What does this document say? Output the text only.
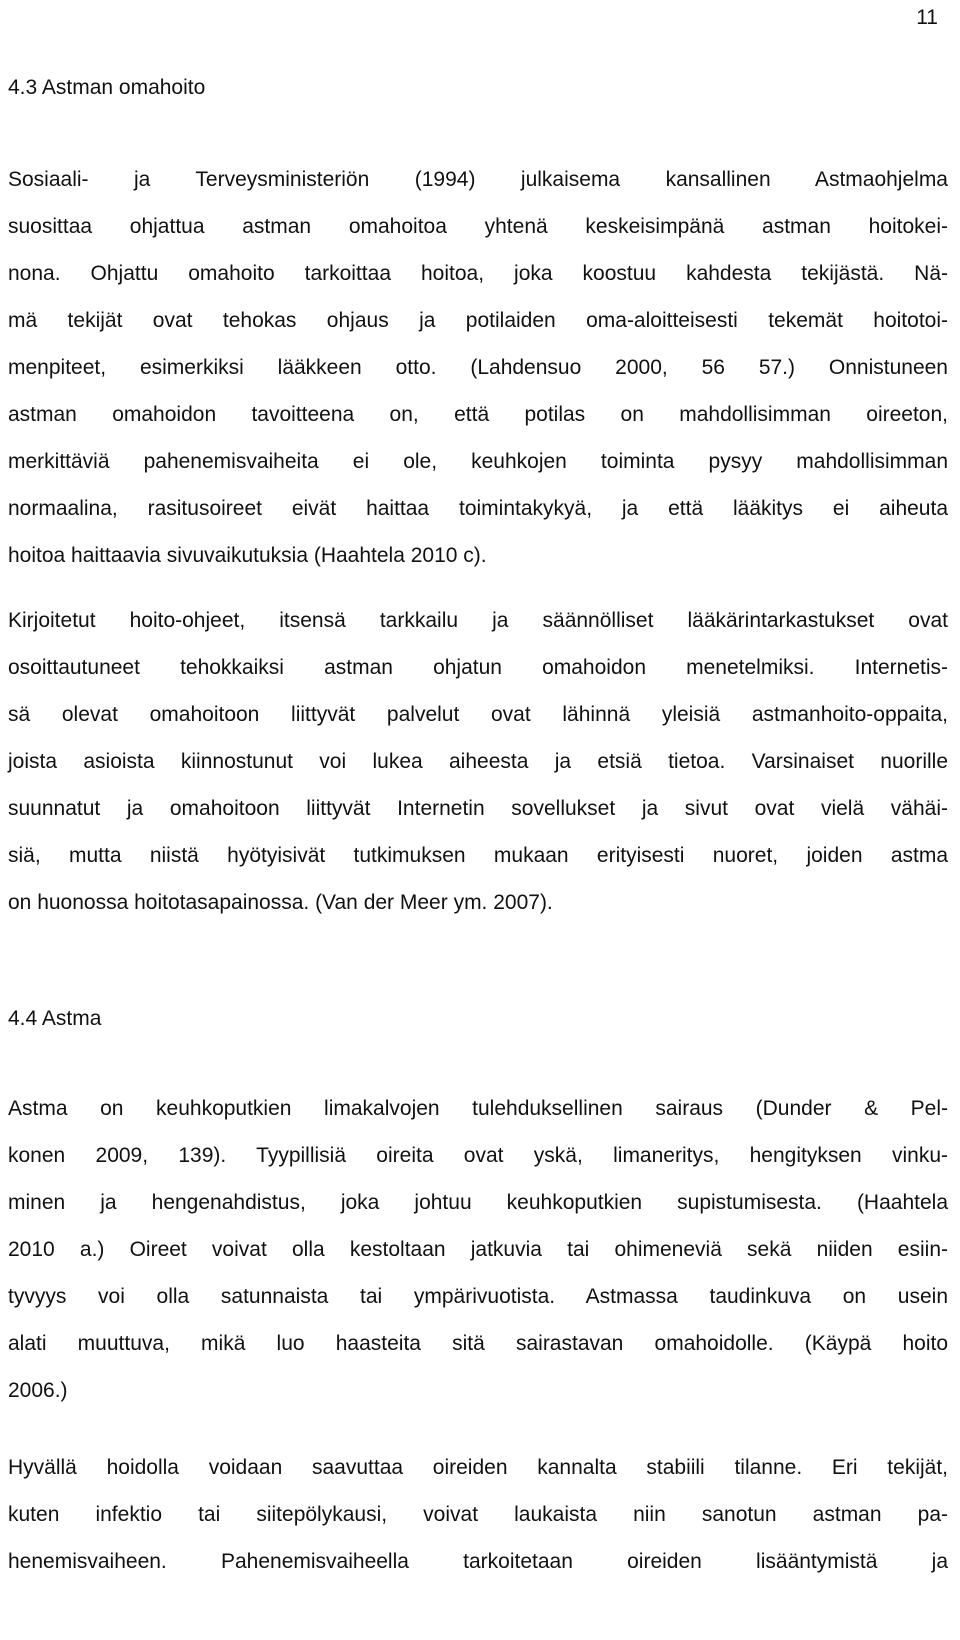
11
4.3 Astman omahoito
Sosiaali- ja Terveysministeriön (1994) julkaisema kansallinen Astmaohjelma
suosittaa ohjattua astman omahoitoa yhtenä keskeisimpänä astman hoitokei-
nona. Ohjattu omahoito tarkoittaa hoitoa, joka koostuu kahdesta tekijästä. Nä-
mä tekijät ovat tehokas ohjaus ja potilaiden oma-aloitteisesti tekemät hoitotoi-
menpiteet, esimerkiksi lääkkeen otto. (Lahdensuo 2000, 56 57.) Onnistuneen
astman omahoidon tavoitteena on, että potilas on mahdollisimman oireeton,
merkittäviä pahenemisvaiheita ei ole, keuhkojen toiminta pysyy mahdollisimman
normaalina, rasitusoireet eivät haittaa toimintakykyä, ja että lääkitys ei aiheuta
hoitoa haittaavia sivuvaikutuksia (Haahtela 2010 c).
Kirjoitetut hoito-ohjeet, itsensä tarkkailu ja säännölliset lääkärintarkastukset ovat
osoittautuneet tehokkaiksi astman ohjatun omahoidon menetelmiksi. Internetis-
sä olevat omahoitoon liittyvät palvelut ovat lähinnä yleisiä astmanhoito-oppaita,
joista asioista kiinnostunut voi lukea aiheesta ja etsiä tietoa. Varsinaiset nuorille
suunnatut ja omahoitoon liittyvät Internetin sovellukset ja sivut ovat vielä vähäi-
siä, mutta niistä hyötyisivät tutkimuksen mukaan erityisesti nuoret, joiden astma
on huonossa hoitotasapainossa. (Van der Meer ym. 2007).
4.4 Astma
Astma on keuhkoputkien limakalvojen tulehduksellinen sairaus (Dunder & Pel-
konen 2009, 139). Tyypillisiä oireita ovat yskä, limaneritys, hengityksen vinku-
minen ja hengenahdistus, joka johtuu keuhkoputkien supistumisesta. (Haahtela
2010 a.) Oireet voivat olla kestoltaan jatkuvia tai ohimeneviä sekä niiden esiin-
tyvyys voi olla satunnaista tai ympärivuotista. Astmassa taudinkuva on usein
alati muuttuva, mikä luo haasteita sitä sairastavan omahoidolle. (Käypä hoito
2006.)
Hyvällä hoidolla voidaan saavuttaa oireiden kannalta stabiili tilanne. Eri tekijät,
kuten infektio tai siitepölykausi, voivat laukaista niin sanotun astman pa-
henemisvaiheen. Pahenemisvaiheella tarkoitetaan oireiden lisääntymistä ja
